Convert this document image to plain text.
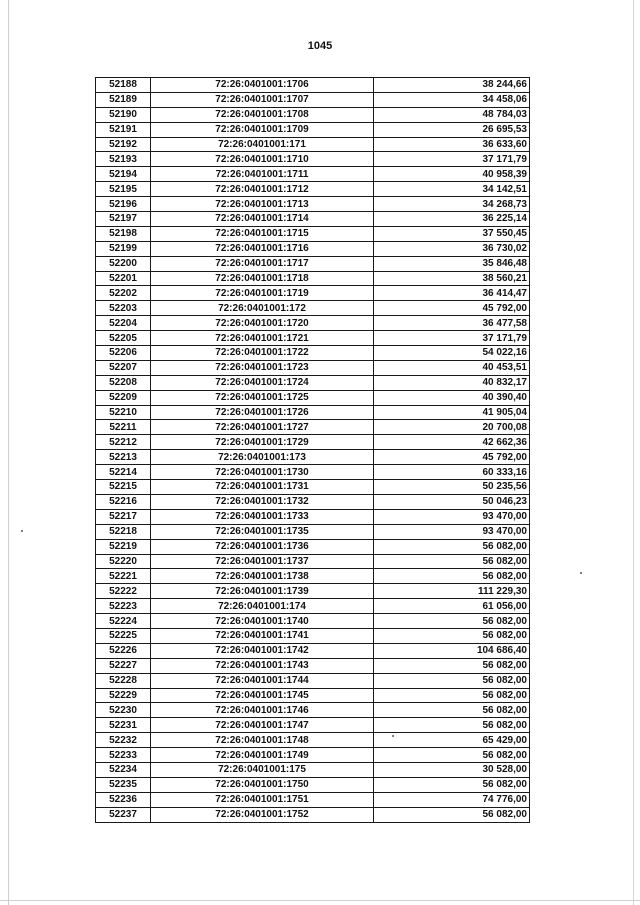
1045
52188	72:26:0401001:1706	38 244,66
52189	72:26:0401001:1707	34 458,06
52190	72:26:0401001:1708	48 784,03
52191	72:26:0401001:1709	26 695,53
52192	72:26:0401001:171	36 633,60
52193	72:26:0401001:1710	37 171,79
52194	72:26:0401001:1711	40 958,39
52195	72:26:0401001:1712	34 142,51
52196	72:26:0401001:1713	34 268,73
52197	72:26:0401001:1714	36 225,14
52198	72:26:0401001:1715	37 550,45
52199	72:26:0401001:1716	36 730,02
52200	72:26:0401001:1717	35 846,48
52201	72:26:0401001:1718	38 560,21
52202	72:26:0401001:1719	36 414,47
52203	72:26:0401001:172	45 792,00
52204	72:26:0401001:1720	36 477,58
52205	72:26:0401001:1721	37 171,79
52206	72:26:0401001:1722	54 022,16
52207	72:26:0401001:1723	40 453,51
52208	72:26:0401001:1724	40 832,17
52209	72:26:0401001:1725	40 390,40
52210	72:26:0401001:1726	41 905,04
52211	72:26:0401001:1727	20 700,08
52212	72:26:0401001:1729	42 662,36
52213	72:26:0401001:173	45 792,00
52214	72:26:0401001:1730	60 333,16
52215	72:26:0401001:1731	50 235,56
52216	72:26:0401001:1732	50 046,23
52217	72:26:0401001:1733	93 470,00
52218	72:26:0401001:1735	93 470,00
52219	72:26:0401001:1736	56 082,00
52220	72:26:0401001:1737	56 082,00
52221	72:26:0401001:1738	56 082,00
52222	72:26:0401001:1739	111 229,30
52223	72:26:0401001:174	61 056,00
52224	72:26:0401001:1740	56 082,00
52225	72:26:0401001:1741	56 082,00
52226	72:26:0401001:1742	104 686,40
52227	72:26:0401001:1743	56 082,00
52228	72:26:0401001:1744	56 082,00
52229	72:26:0401001:1745	56 082,00
52230	72:26:0401001:1746	56 082,00
52231	72:26:0401001:1747	56 082,00
52232	72:26:0401001:1748	65 429,00
52233	72:26:0401001:1749	56 082,00
52234	72:26:0401001:175	30 528,00
52235	72:26:0401001:1750	56 082,00
52236	72:26:0401001:1751	74 776,00
52237	72:26:0401001:1752	56 082,00
